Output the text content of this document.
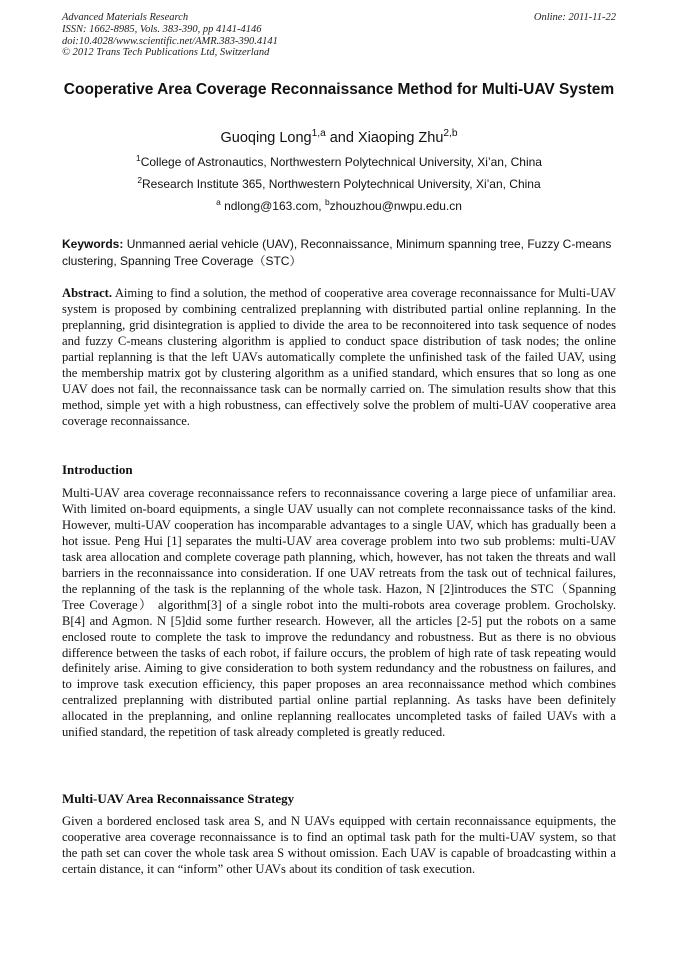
Advanced Materials Research
ISSN: 1662-8985, Vols. 383-390, pp 4141-4146
doi:10.4028/www.scientific.net/AMR.383-390.4141
© 2012 Trans Tech Publications Ltd, Switzerland
Online: 2011-11-22
Cooperative Area Coverage Reconnaissance Method for Multi-UAV System
Guoqing Long$^{1,a}$ and Xiaoping Zhu$^{2,b}$
$^1$College of Astronautics, Northwestern Polytechnical University, Xi’an, China
$^2$Research Institute 365, Northwestern Polytechnical University, Xi’an, China
$^a$ ndlong@163.com, $^b$zhouzhou@nwpu.edu.cn
Keywords: Unmanned aerial vehicle (UAV), Reconnaissance, Minimum spanning tree, Fuzzy C-means clustering, Spanning Tree Coverage（STC）
Abstract. Aiming to find a solution, the method of cooperative area coverage reconnaissance for Multi-UAV system is proposed by combining centralized preplanning with distributed partial online replanning. In the preplanning, grid disintegration is applied to divide the area to be reconnoitered into task sequence of nodes and fuzzy C-means clustering algorithm is applied to conduct space distribution of task nodes; the online partial replanning is that the left UAVs automatically complete the unfinished task of the failed UAV, using the membership matrix got by clustering algorithm as a unified standard, which ensures that so long as one UAV does not fail, the reconnaissance task can be normally carried on. The simulation results show that this method, simple yet with a high robustness, can effectively solve the problem of multi-UAV cooperative area coverage reconnaissance.
Introduction
Multi-UAV area coverage reconnaissance refers to reconnaissance covering a large piece of unfamiliar area. With limited on-board equipments, a single UAV usually can not complete reconnaissance tasks of the kind. However, multi-UAV cooperation has incomparable advantages to a single UAV, which has gradually been a hot issue. Peng Hui [1] separates the multi-UAV area coverage problem into two sub problems: multi-UAV task area allocation and complete coverage path planning, which, however, has not taken the threats and wall barriers in the reconnaissance into consideration. If one UAV retreats from the task out of technical failures, the replanning of the task is the replanning of the whole task. Hazon, N [2]introduces the STC（Spanning Tree Coverage） algorithm[3] of a single robot into the multi-robots area coverage problem. Grocholsky. B[4] and Agmon. N [5]did some further research. However, all the articles [2-5] put the robots on a same enclosed route to complete the task to improve the redundancy and robustness. But as there is no obvious difference between the tasks of each robot, if failure occurs, the problem of high rate of task repeating would definitely arise. Aiming to give consideration to both system redundancy and the robustness on failures, and to improve task execution efficiency, this paper proposes an area reconnaissance method which combines centralized preplanning with distributed partial online partial replanning. As tasks have been definitely allocated in the preplanning, and online replanning reallocates uncompleted tasks of failed UAVs with a unified standard, the repetition of task already completed is greatly reduced.
Multi-UAV Area Reconnaissance Strategy
Given a bordered enclosed task area S, and N UAVs equipped with certain reconnaissance equipments, the cooperative area coverage reconnaissance is to find an optimal task path for the multi-UAV system, so that the path set can cover the whole task area S without omission. Each UAV is capable of broadcasting within a certain distance, it can “inform” other UAVs about its condition of task execution.
